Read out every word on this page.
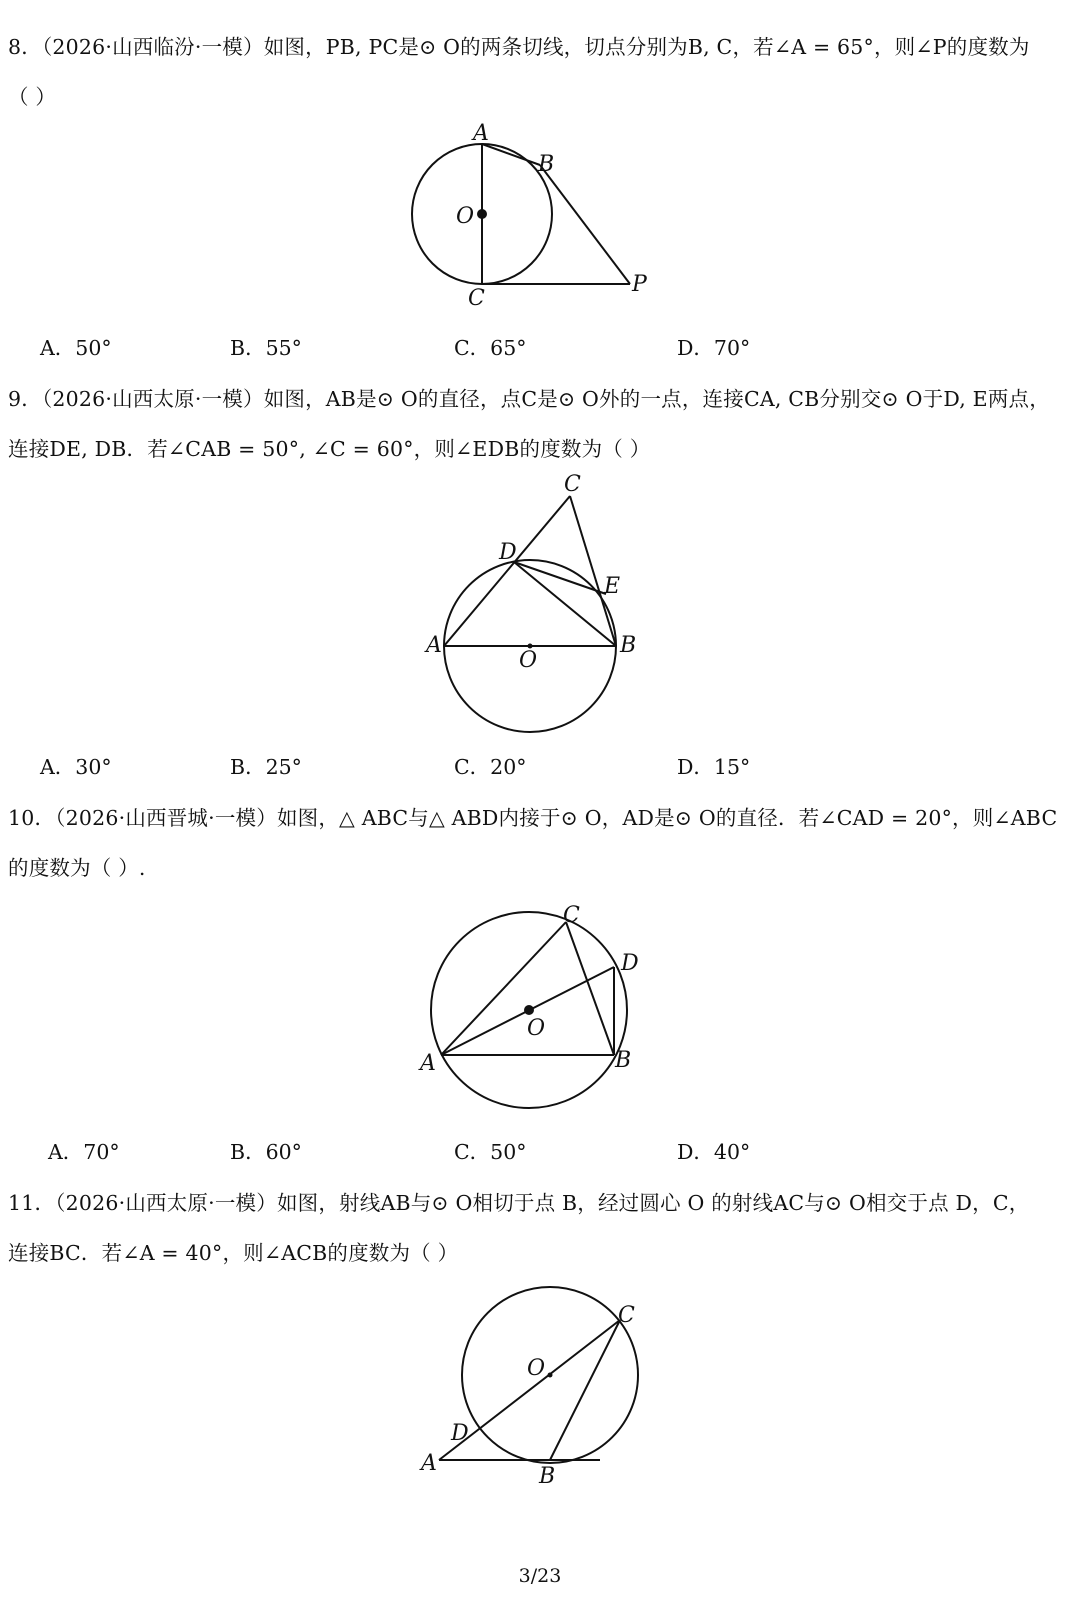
8．（2026·山西临汾·一模）如图，PB, PC是⊙ O的两条切线，切点分别为B, C，若∠A = 65°，则∠P的度数为
（ ）
A
B
O
C
P
A．50°	B．55°	C．65°	D．70°
9．（2026·山西太原·一模）如图，AB是⊙ O的直径，点C是⊙ O外的一点，连接CA, CB分别交⊙ O于D, E两点，
连接DE, DB．若∠CAB = 50°, ∠C = 60°，则∠EDB的度数为（ ）
C
D
E
A
O
B
A．30°	B．25°	C．20°	D．15°
10．（2026·山西晋城·一模）如图，△ ABC与△ ABD内接于⊙ O，AD是⊙ O的直径．若∠CAD = 20°，则∠ABC
的度数为（ ）.
C
D
O
A	B
A．70°	B．60°	C．50°	D．40°
11．（2026·山西太原·一模）如图，射线AB与⊙ O相切于点 B，经过圆心 O 的射线AC与⊙ O相交于点 D，C，
连接BC．若∠A = 40°，则∠ACB的度数为（ ）
C
O
D
A
B
3/23
